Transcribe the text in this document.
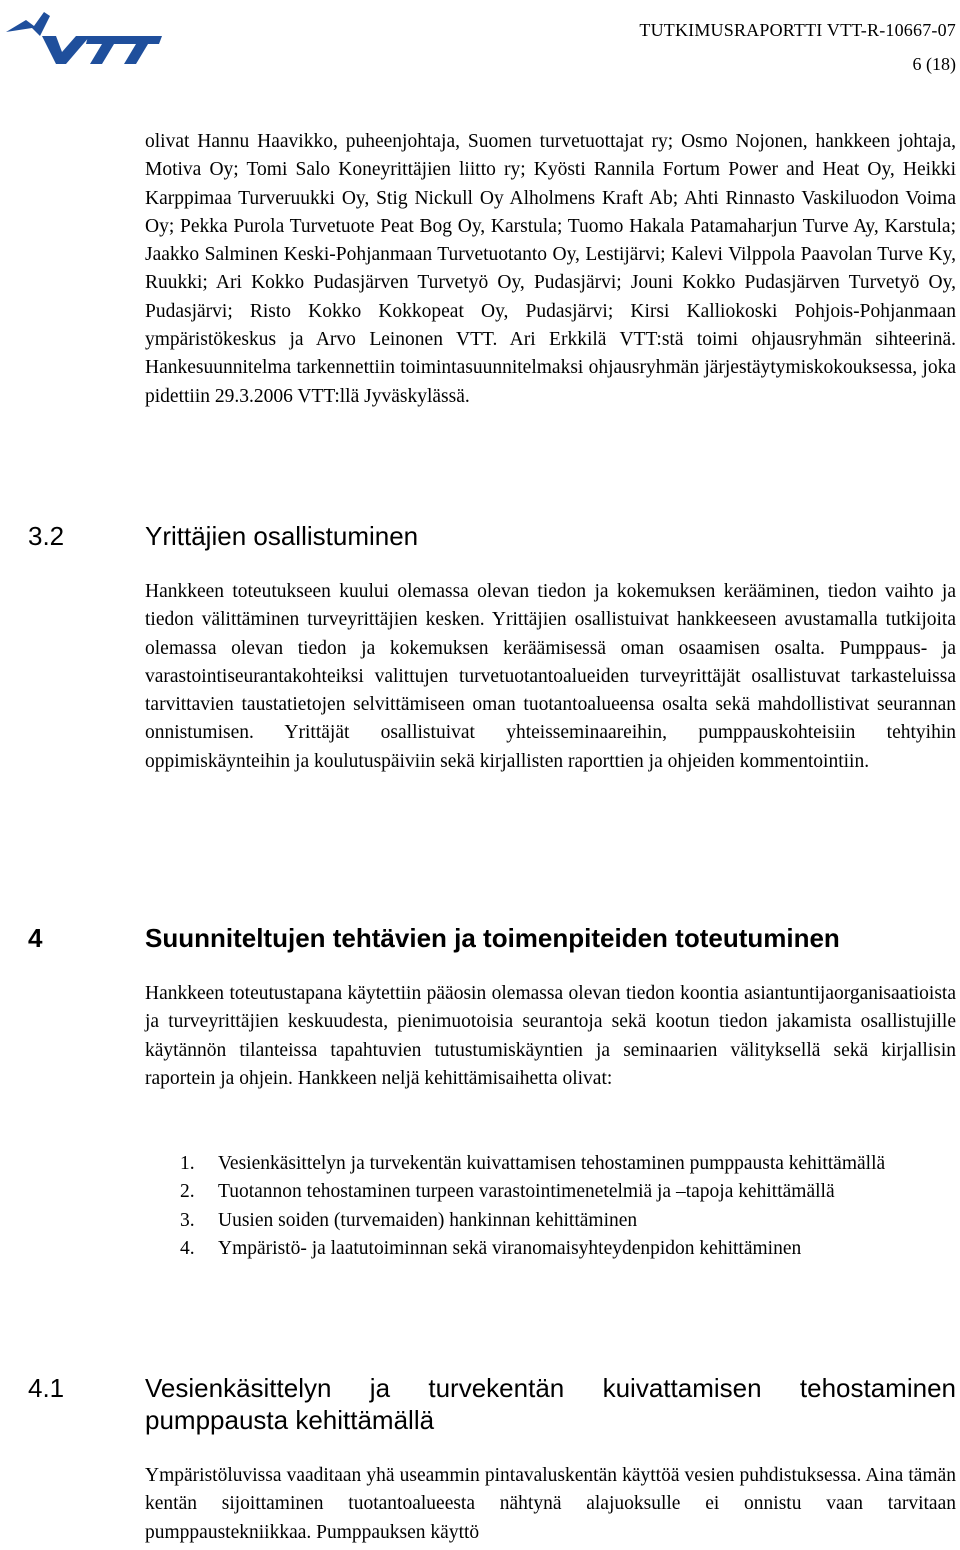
TUTKIMUSRAPORTTI VTT-R-10667-07
6 (18)

olivat Hannu Haavikko, puheenjohtaja, Suomen turvetuottajat ry; Osmo Nojonen, hankkeen johtaja, Motiva Oy; Tomi Salo Koneyrittäjien liitto ry; Kyösti Rannila Fortum Power and Heat Oy, Heikki Karppimaa Turveruukki Oy, Stig Nickull Oy Alholmens Kraft Ab; Ahti Rinnasto Vaskiluodon Voima Oy; Pekka Purola Turvetuote Peat Bog Oy, Karstula; Tuomo Hakala Patamaharjun Turve Ay, Karstula; Jaakko Salminen Keski-Pohjanmaan Turvetuotanto Oy, Lestijärvi; Kalevi Vilppola Paavolan Turve Ky, Ruukki; Ari Kokko Pudasjärven Turvetyö Oy, Pudasjärvi; Jouni Kokko Pudasjärven Turvetyö Oy, Pudasjärvi; Risto Kokko Kokkopeat Oy, Pudasjärvi; Kirsi Kalliokoski Pohjois-Pohjanmaan ympäristökeskus ja Arvo Leinonen VTT. Ari Erkkilä VTT:stä toimi ohjausryhmän sihteerinä. Hankesuunnitelma tarkennettiin toimintasuunnitelmaksi ohjausryhmän järjestäytymiskokouksessa, joka pidettiin 29.3.2006 VTT:llä Jyväskylässä.

3.2	Yrittäjien osallistuminen

Hankkeen toteutukseen kuului olemassa olevan tiedon ja kokemuksen kerääminen, tiedon vaihto ja tiedon välittäminen turveyrittäjien kesken. Yrittäjien osallistuivat hankkeeseen avustamalla tutkijoita olemassa olevan tiedon ja kokemuksen keräämisessä oman osaamisen osalta. Pumppaus- ja varastointiseurantakohteiksi valittujen turvetuotantoalueiden turveyrittäjät osallistuvat tarkasteluissa tarvittavien taustatietojen selvittämiseen oman tuotantoalueensa osalta sekä mahdollistivat seurannan onnistumisen. Yrittäjät osallistuivat yhteisseminaareihin, pumppauskohteisiin tehtyihin oppimiskäynteihin ja koulutuspäiviin sekä kirjallisten raporttien ja ohjeiden kommentointiin.

4	Suunniteltujen tehtävien ja toimenpiteiden toteutuminen

Hankkeen toteutustapana käytettiin pääosin olemassa olevan tiedon koontia asiantuntijaorganisaatioista ja turveyrittäjien keskuudesta, pienimuotoisia seurantoja sekä kootun tiedon jakamista osallistujille käytännön tilanteissa tapahtuvien tutustumiskäyntien ja seminaarien välityksellä sekä kirjallisin raportein ja ohjein. Hankkeen neljä kehittämisaihetta olivat:

1. Vesienkäsittelyn ja turvekentän kuivattamisen tehostaminen pumppausta kehittämällä
2. Tuotannon tehostaminen turpeen varastointimenetelmiä ja –tapoja kehittämällä
3. Uusien soiden (turvemaiden) hankinnan kehittäminen
4. Ympäristö- ja laatutoiminnan sekä viranomaisyhteydenpidon kehittäminen
4.1	Vesienkäsittelyn ja turvekentän kuivattamisen tehostaminen pumppausta kehittämällä

Ympäristöluvissa vaaditaan yhä useammin pintavaluskentän käyttöä vesien puhdistuksessa. Aina tämän kentän sijoittaminen tuotantoalueesta nähtynä alajuoksulle ei onnistu vaan tarvitaan pumppaustekniikkaa. Pumppauksen käyttö
